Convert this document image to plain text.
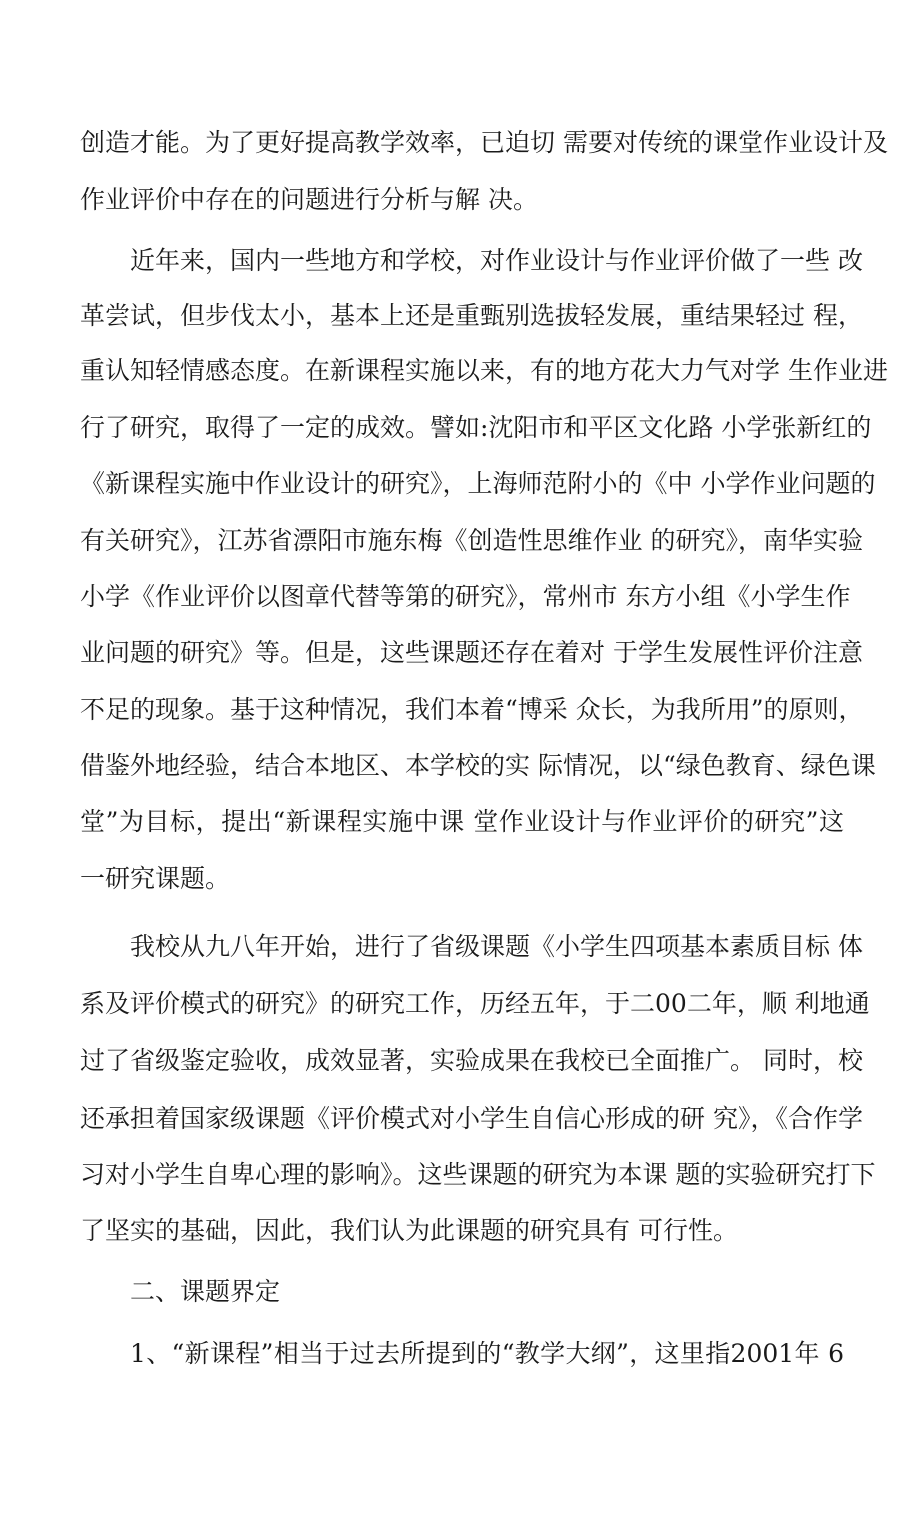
创造才能。为了更好提高教学效率，已迫切 需要对传统的课堂作业设计及
作业评价中存在的问题进行分析与解 决。
近年来，国内一些地方和学校，对作业设计与作业评价做了一些 改
革尝试，但步伐太小，基本上还是重甄别选拔轻发展，重结果轻过 程，
重认知轻情感态度。在新课程实施以来，有的地方花大力气对学 生作业进
行了研究，取得了一定的成效。譬如:沈阳市和平区文化路 小学张新红的
《新课程实施中作业设计的研究》，上海师范附小的《中 小学作业问题的
有关研究》，江苏省漂阳市施东梅《创造性思维作业 的研究》，南华实验
小学《作业评价以图章代替等第的研究》，常州市 东方小组《小学生作
业问题的研究》等。但是，这些课题还存在着对 于学生发展性评价注意
不足的现象。基于这种情况，我们本着“博采 众长，为我所用”的原则，
借鉴外地经验，结合本地区、本学校的实 际情况，以“绿色教育、绿色课
堂”为目标，提出“新课程实施中课 堂作业设计与作业评价的研究”这
一研究课题。
我校从九八年开始，进行了省级课题《小学生四项基本素质目标 体
系及评价模式的研究》的研究工作，历经五年，于二00二年，顺 利地通
过了省级鉴定验收，成效显著，实验成果在我校已全面推广。 同时，校
还承担着国家级课题《评价模式对小学生自信心形成的研 究》，《合作学
习对小学生自卑心理的影响》。这些课题的研究为本课 题的实验研究打下
了坚实的基础，因此，我们认为此课题的研究具有 可行性。
二、课题界定
1、“新课程”相当于过去所提到的“教学大纲”，这里指2001年 6
